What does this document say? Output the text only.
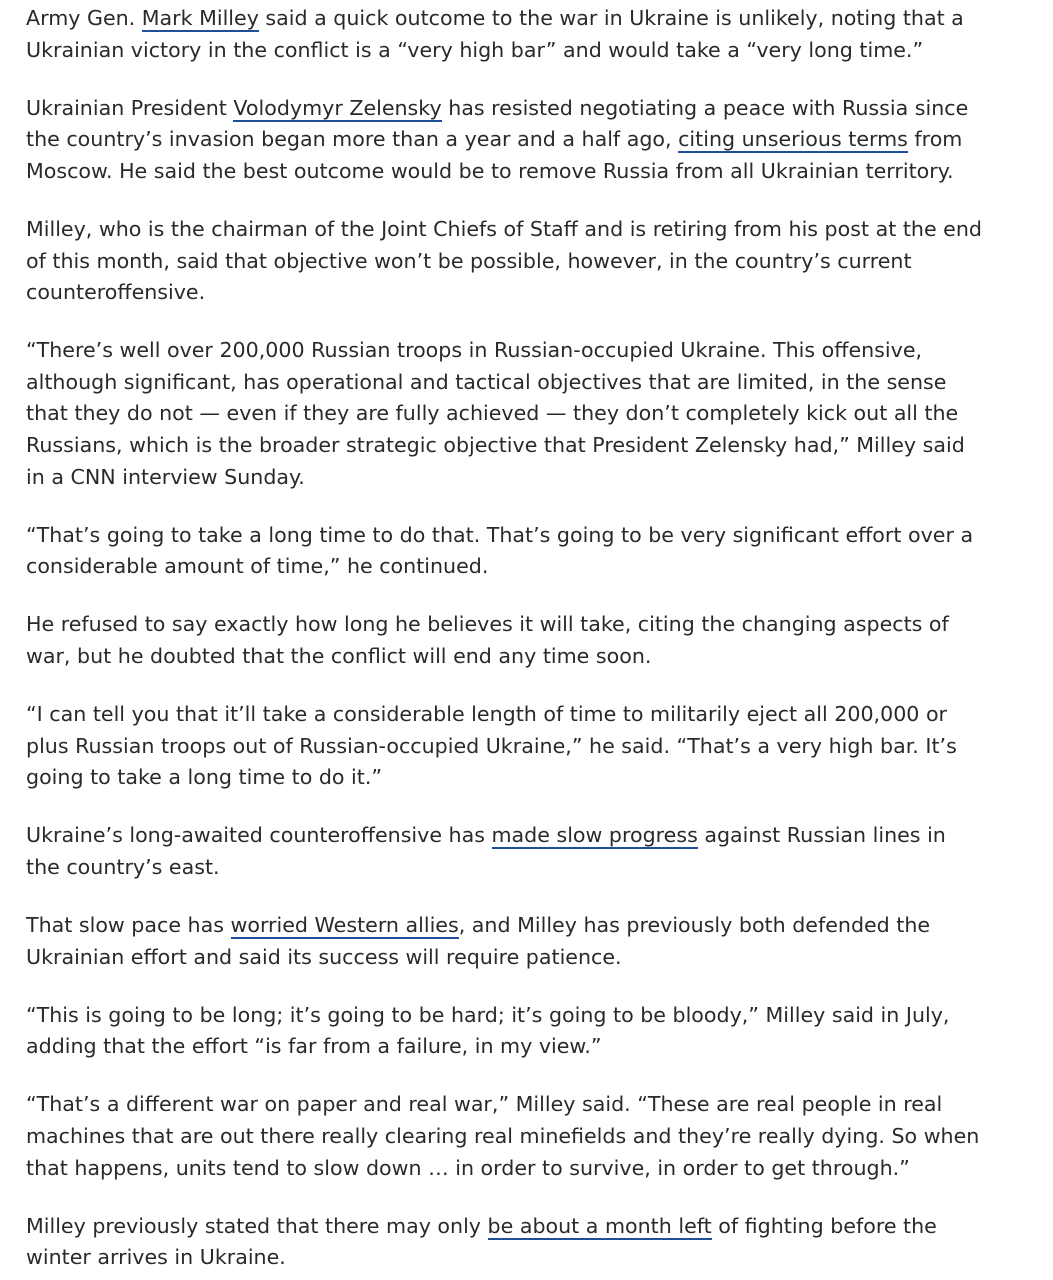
Army Gen. Mark Milley said a quick outcome to the war in Ukraine is unlikely, noting that a Ukrainian victory in the conflict is a “very high bar” and would take a “very long time.”

Ukrainian President Volodymyr Zelensky has resisted negotiating a peace with Russia since the country’s invasion began more than a year and a half ago, citing unserious terms from Moscow. He said the best outcome would be to remove Russia from all Ukrainian territory.

Milley, who is the chairman of the Joint Chiefs of Staff and is retiring from his post at the end of this month, said that objective won’t be possible, however, in the country’s current counteroffensive.

“There’s well over 200,000 Russian troops in Russian-occupied Ukraine. This offensive, although significant, has operational and tactical objectives that are limited, in the sense that they do not — even if they are fully achieved — they don’t completely kick out all the Russians, which is the broader strategic objective that President Zelensky had,” Milley said in a CNN interview Sunday.

“That’s going to take a long time to do that. That’s going to be very significant effort over a considerable amount of time,” he continued.

He refused to say exactly how long he believes it will take, citing the changing aspects of war, but he doubted that the conflict will end any time soon.

“I can tell you that it’ll take a considerable length of time to militarily eject all 200,000 or plus Russian troops out of Russian-occupied Ukraine,” he said. “That’s a very high bar. It’s going to take a long time to do it.”

Ukraine’s long-awaited counteroffensive has made slow progress against Russian lines in the country’s east.

That slow pace has worried Western allies, and Milley has previously both defended the Ukrainian effort and said its success will require patience.

“This is going to be long; it’s going to be hard; it’s going to be bloody,” Milley said in July, adding that the effort “is far from a failure, in my view.”

“That’s a different war on paper and real war,” Milley said. “These are real people in real machines that are out there really clearing real minefields and they’re really dying. So when that happens, units tend to slow down … in order to survive, in order to get through.”

Milley previously stated that there may only be about a month left of fighting before the winter arrives in Ukraine.
